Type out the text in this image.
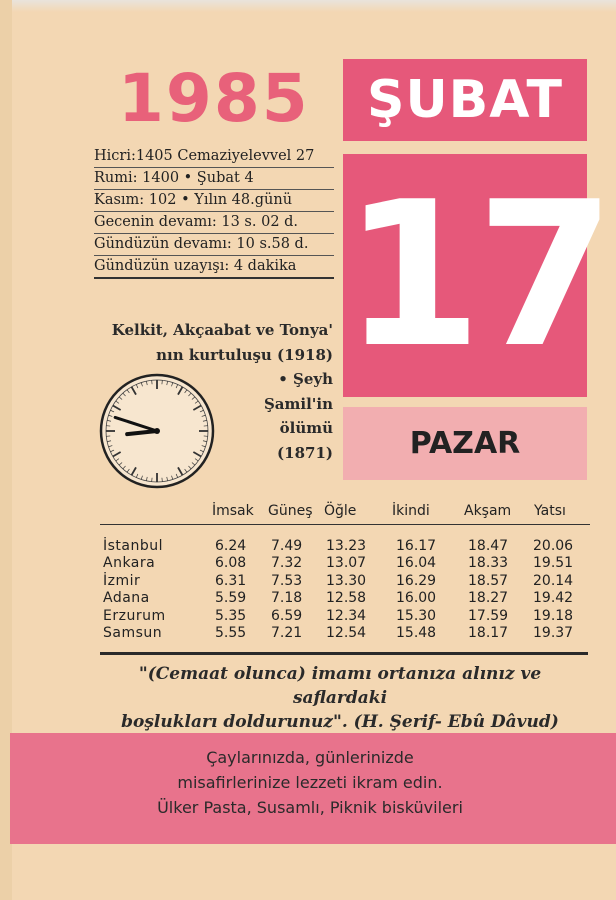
1985
Hicri:1405 Cemaziyelevvel 27
Rumi: 1400 • Şubat 4
Kasım: 102 • Yılın 48.günü
Gecenin devamı: 13 s. 02 d.
Gündüzün devamı: 10 s.58 d.
Gündüzün uzayışı: 4 dakika
Kelkit, Akçaabat ve Tonya'
nın kurtuluşu (1918)
• Şeyh
Şamil'in
ölümü
(1871)
ŞUBAT
17
PAZAR
İmsak Güneş Öğle	İkindi Akşam Yatsı
İstanbul	6.24 7.49 13.23 16.17 18.47 20.06
Ankara	6.08 7.32 13.07 16.04 18.33 19.51
İzmir	6.31 7.53 13.30 16.29 18.57 20.14
Adana	5.59 7.18 12.58 16.00 18.27 19.42
Erzurum	5.35 6.59 12.34 15.30 17.59 19.18
Samsun	5.55 7.21 12.54 15.48 18.17 19.37
"(Cemaat olunca) imamı ortanıza alınız ve saflardaki
boşlukları doldurunuz". (H. Şerif- Ebû Dâvud)
Çaylarınızda, günlerinizde
misafirlerinize lezzeti ikram edin.
Ülker Pasta, Susamlı, Piknik bisküvileri
